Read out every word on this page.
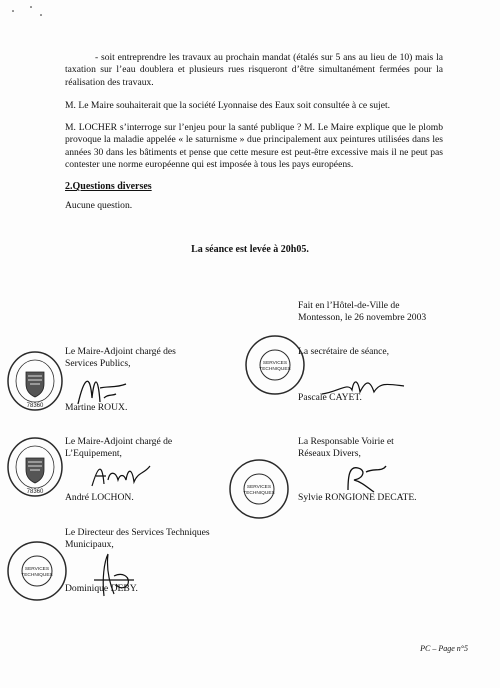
- soit entreprendre les travaux au prochain mandat (étalés sur 5 ans au lieu de 10) mais la taxation sur l’eau doublera et plusieurs rues risqueront d’être simultanément fermées pour la réalisation des travaux.

M. Le Maire souhaiterait que la société Lyonnaise des Eaux soit consultée à ce sujet.

M. LOCHER s’interroge sur l’enjeu pour la santé publique ? M. Le Maire explique que le plomb provoque la maladie appelée « le saturnisme » due principalement aux peintures utilisées dans les années 30 dans les bâtiments et pense que cette mesure est peut-être excessive mais il ne peut pas contester une norme européenne qui est imposée à tous les pays européens.

2.Questions diverses
Aucune question.
La séance est levée à 20h05.
Fait en l’Hôtel-de-Ville de
Montesson, le 26 novembre 2003
Le Maire-Adjoint chargé des
Services Publics,
Martine ROUX.
La secrétaire de séance,
Pascale CAYET.
Le Maire-Adjoint chargé de
L’Equipement,
André LOCHON.
La Responsable Voirie et
Réseaux Divers,
Sylvie RONGIONE DECATE.
Le Directeur des Services Techniques
Municipaux,
Dominique DEBY.
78360
SERVICES
TECHNIQUES
78360
SERVICES
TECHNIQUES
SERVICES
TECHNIQUES
PC – Page n°5
